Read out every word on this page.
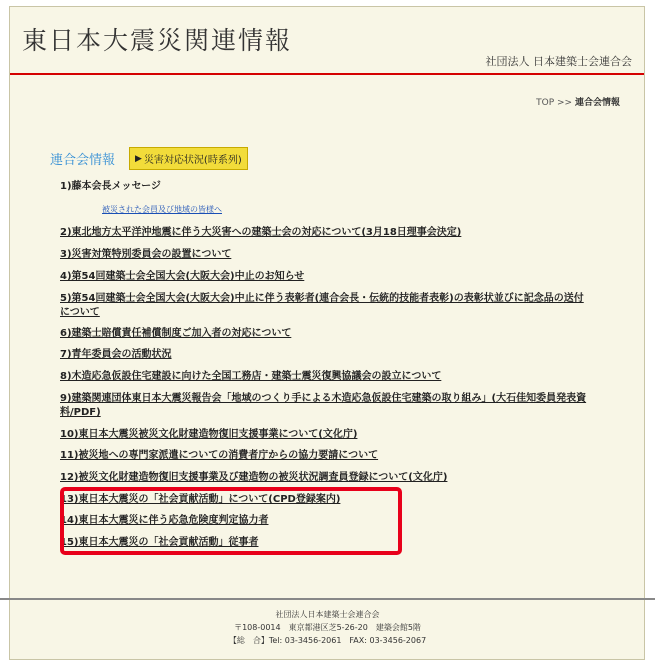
東日本大震災関連情報
社団法人 日本建築士会連合会
TOP >> 連合会情報
連合会情報 ▶ 災害対応状況(時系列)
1)藤本会長メッセージ
被災された会員及び地域の皆様へ
2)東北地方太平洋沖地震に伴う大災害への建築士会の対応について(3月18日理事会決定)
3)災害対策特別委員会の設置について
4)第54回建築士会全国大会(大阪大会)中止のお知らせ
5)第54回建築士会全国大会(大阪大会)中止に伴う表彰者(連合会長・伝統的技能者表彰)の表彰状並びに記念品の送付について
6)建築士賠償責任補償制度ご加入者の対応について
7)青年委員会の活動状況
8)木造応急仮設住宅建設に向けた全国工務店・建築士震災復興協議会の設立について
9)建築関連団体東日本大震災報告会「地域のつくり手による木造応急仮設住宅建築の取り組み」(大石佳知委員発表資料/PDF)
10)東日本大震災被災文化財建造物復旧支援事業について(文化庁)
11)被災地への専門家派遣についての消費者庁からの協力要請について
12)被災文化財建造物復旧支援事業及び建造物の被災状況調査員登録について(文化庁)
13)東日本大震災の「社会貢献活動」について(CPD登録案内)
14)東日本大震災に伴う応急危険度判定協力者
15)東日本大震災の「社会貢献活動」従事者
社団法人日本建築士会連合会
〒108-0014　東京都港区芝5-26-20　建築会館5階
【総　合】Tel: 03-3456-2061　FAX: 03-3456-2067
